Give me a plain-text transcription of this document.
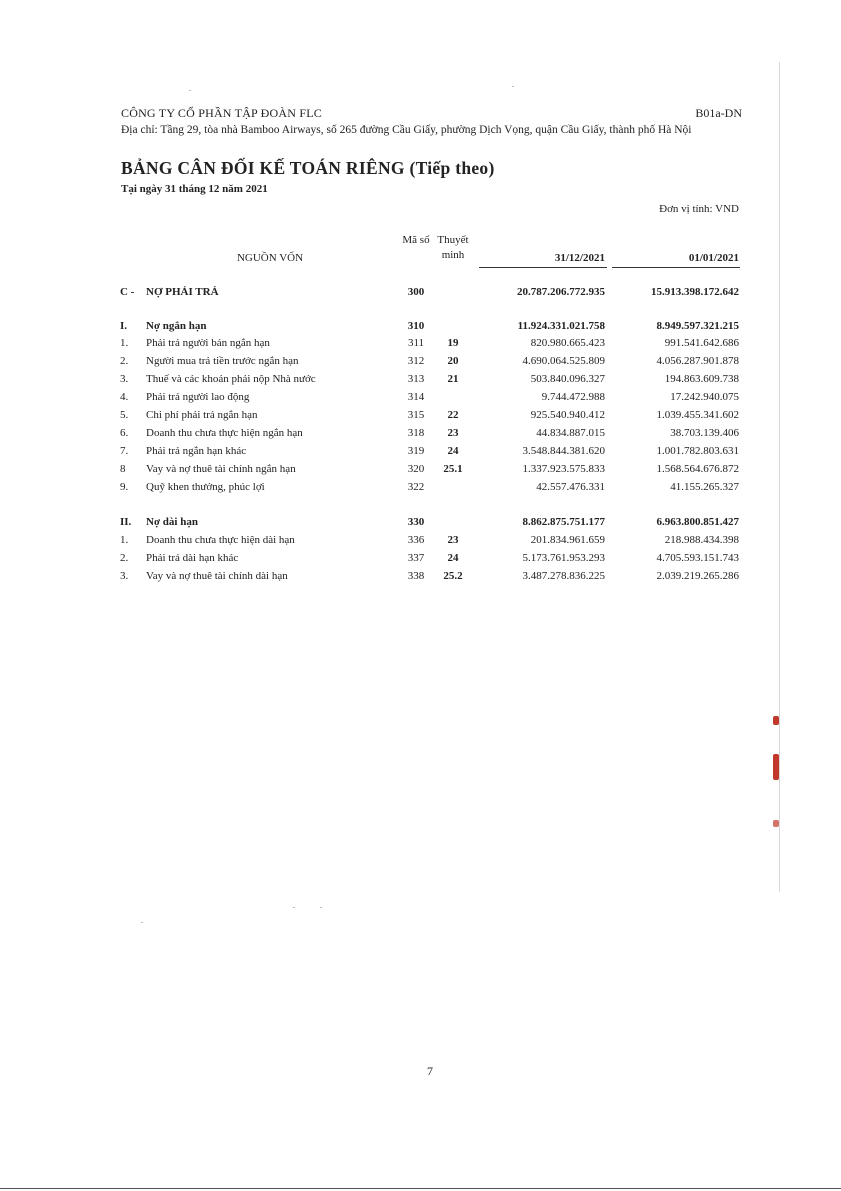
CÔNG TY CỔ PHẦN TẬP ĐOÀN FLC	B01a-DN
Địa chỉ: Tầng 29, tòa nhà Bamboo Airways, số 265 đường Cầu Giấy, phường Dịch Vọng, quận Cầu Giấy, thành phố Hà Nội
BẢNG CÂN ĐỐI KẾ TOÁN RIÊNG (Tiếp theo)
Tại ngày 31 tháng 12 năm 2021
Đơn vị tính: VND
NGUỒN VỐN
Mã số Thuyết minh	31/12/2021	01/01/2021
C - NỢ PHẢI TRẢ	300	20.787.206.772.935	15.913.398.172.642
I. Nợ ngắn hạn	310	11.924.331.021.758	8.949.597.321.215
1. Phải trả người bán ngắn hạn	311	19	820.980.665.423	991.541.642.686
2. Người mua trả tiền trước ngắn hạn	312	20	4.690.064.525.809	4.056.287.901.878
3. Thuế và các khoản phải nộp Nhà nước	313	21	503.840.096.327	194.863.609.738
4. Phải trả người lao động	314	9.744.472.988	17.242.940.075
5. Chi phí phải trả ngắn hạn	315	22	925.540.940.412	1.039.455.341.602
6. Doanh thu chưa thực hiện ngắn hạn	318	23	44.834.887.015	38.703.139.406
7. Phải trả ngắn hạn khác	319	24	3.548.844.381.620	1.001.782.803.631
8 Vay và nợ thuê tài chính ngắn hạn	320	25.1	1.337.923.575.833	1.568.564.676.872
9. Quỹ khen thưởng, phúc lợi	322	42.557.476.331	41.155.265.327
II. Nợ dài hạn	330	8.862.875.751.177	6.963.800.851.427
1. Doanh thu chưa thực hiện dài hạn	336	23	201.834.961.659	218.988.434.398
2. Phải trả dài hạn khác	337	24	5.173.761.953.293	4.705.593.151.743
3. Vay và nợ thuê tài chính dài hạn	338	25.2	3.487.278.836.225	2.039.219.265.286
7
